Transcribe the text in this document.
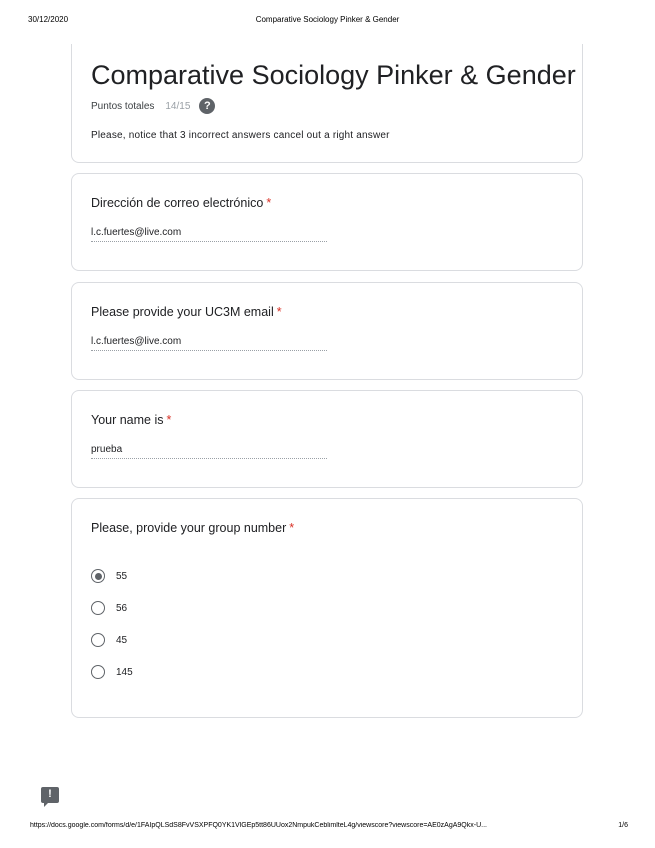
30/12/2020	Comparative Sociology Pinker & Gender
Comparative Sociology Pinker & Gender
Puntos totales 14/15	?
Please, notice that 3 incorrect answers cancel out a right answer
Dirección de correo electrónico *
l.c.fuertes@live.com
Please provide your UC3M email *
l.c.fuertes@live.com
Your name is *
prueba
Please, provide your group number *
55
56
45
145
!
https://docs.google.com/forms/d/e/1FAIpQLSdS8FvVSXPFQ0YK1VlGEp5tt86UUox2NmpukCeblimlteL4g/viewscore?viewscore=AE0zAgA9Qkx-U...	1/6
